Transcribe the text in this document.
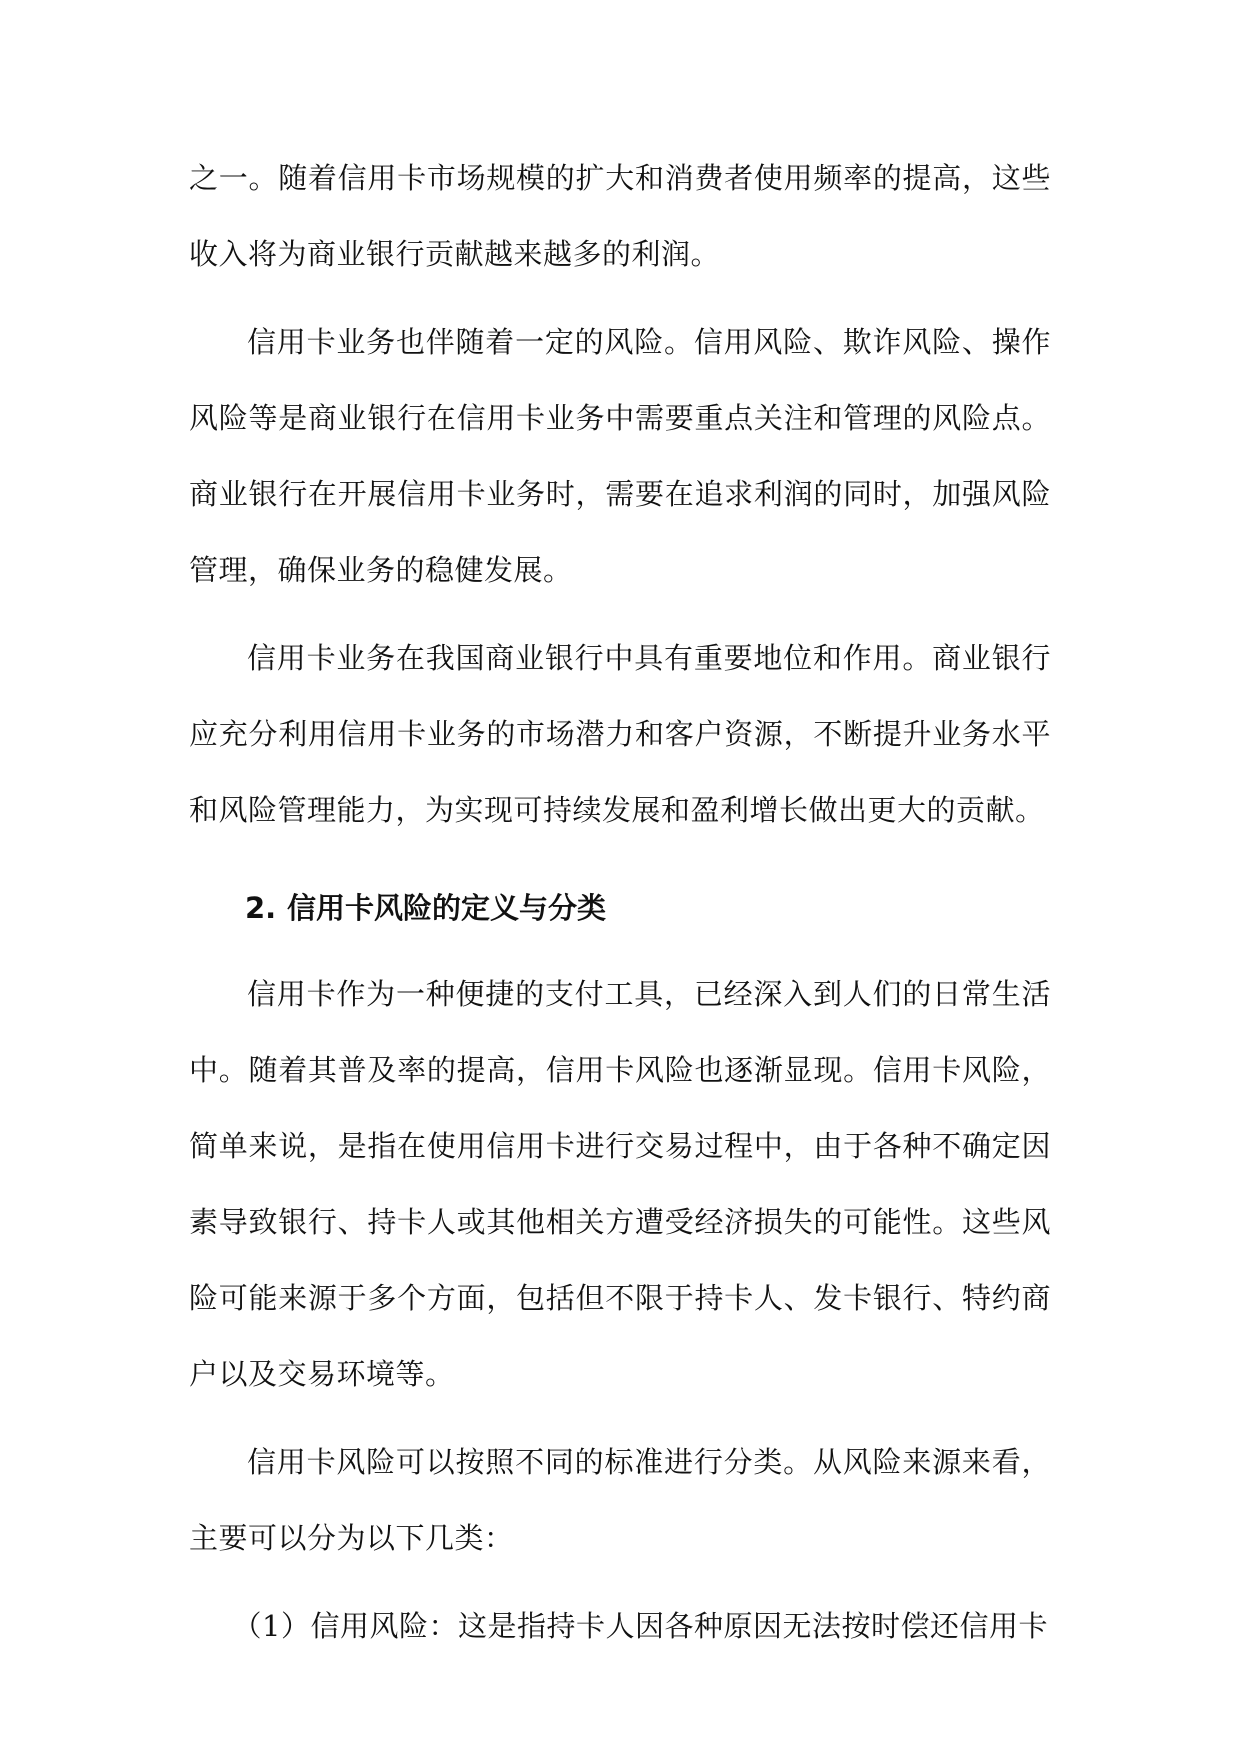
之一。随着信用卡市场规模的扩大和消费者使用频率的提高，这些收入将为商业银行贡献越来越多的利润。

信用卡业务也伴随着一定的风险。信用风险、欺诈风险、操作风险等是商业银行在信用卡业务中需要重点关注和管理的风险点。商业银行在开展信用卡业务时，需要在追求利润的同时，加强风险管理，确保业务的稳健发展。

信用卡业务在我国商业银行中具有重要地位和作用。商业银行应充分利用信用卡业务的市场潜力和客户资源，不断提升业务水平和风险管理能力，为实现可持续发展和盈利增长做出更大的贡献。

2. 信用卡风险的定义与分类

信用卡作为一种便捷的支付工具，已经深入到人们的日常生活中。随着其普及率的提高，信用卡风险也逐渐显现。信用卡风险，简单来说，是指在使用信用卡进行交易过程中，由于各种不确定因素导致银行、持卡人或其他相关方遭受经济损失的可能性。这些风险可能来源于多个方面，包括但不限于持卡人、发卡银行、特约商户以及交易环境等。

信用卡风险可以按照不同的标准进行分类。从风险来源来看，主要可以分为以下几类：

（1）信用风险：这是指持卡人因各种原因无法按时偿还信用卡
